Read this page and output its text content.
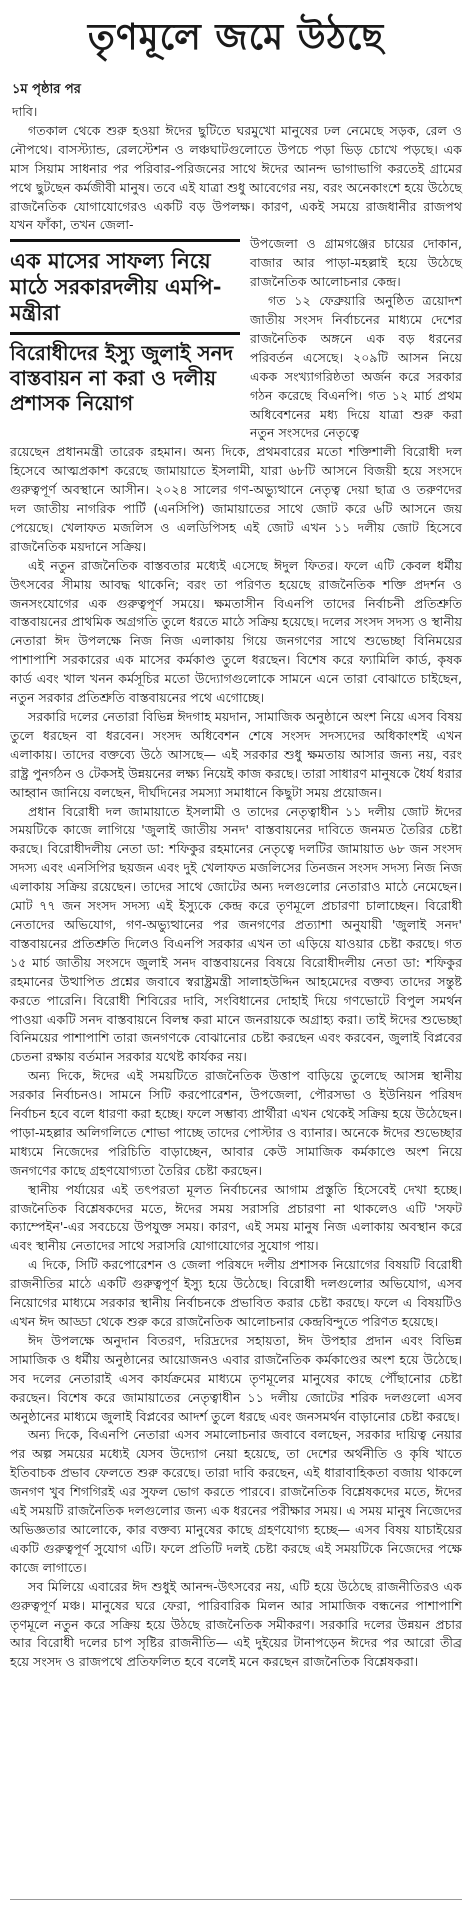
তৃণমূলে জমে উঠছে
১ম পৃষ্ঠার পর
দাবি।

গতকাল থেকে শুরু হওয়া ঈদের ছুটিতে ঘরমুখো মানুষের ঢল নেমেছে সড়ক, রেল ও নৌপথে। বাসস্ট্যান্ড, রেলস্টেশন ও লঞ্চঘাটগুলোতে উপচে পড়া ভিড় চোখে পড়ছে। এক মাস সিয়াম সাধনার পর পরিবার-পরিজনের সাথে ঈদের আনন্দ ভাগাভাগি করতেই গ্রামের পথে ছুটছেন কর্মজীবী মানুষ। তবে এই যাত্রা শুধু আবেগের নয়, বরং অনেকাংশে হয়ে উঠেছে রাজনৈতিক যোগাযোগেরও একটি বড় উপলক্ষ। কারণ, একই সময়ে রাজধানীর রাজপথ যখন ফাঁকা, তখন জেলা-

এক মাসের সাফল্য নিয়ে মাঠে সরকারদলীয় এমপি-মন্ত্রীরা
বিরোধীদের ইস্যু জুলাই সনদ বাস্তবায়ন না করা ও দলীয় প্রশাসক নিয়োগ

উপজেলা ও গ্রামগঞ্জের চায়ের দোকান, বাজার আর পাড়া-মহল্লাই হয়ে উঠেছে রাজনৈতিক আলোচনার কেন্দ্র।

গত ১২ ফেব্রুয়ারি অনুষ্ঠিত ত্রয়োদশ জাতীয় সংসদ নির্বাচনের মাধ্যমে দেশের রাজনৈতিক অঙ্গনে এক বড় ধরনের পরিবর্তন এসেছে। ২০৯টি আসন নিয়ে একক সংখ্যাগরিষ্ঠতা অর্জন করে সরকার গঠন করেছে বিএনপি। গত ১২ মার্চ প্রথম অধিবেশনের মধ্য দিয়ে যাত্রা শুরু করা নতুন সংসদের নেতৃত্বে

রয়েছেন প্রধানমন্ত্রী তারেক রহমান। অন্য দিকে, প্রথমবারের মতো শক্তিশালী বিরোধী দল হিসেবে আত্মপ্রকাশ করেছে জামায়াতে ইসলামী, যারা ৬৮টি আসনে বিজয়ী হয়ে সংসদে গুরুত্বপূর্ণ অবস্থানে আসীন। ২০২৪ সালের গণ-অভ্যুত্থানে নেতৃত্ব দেয়া ছাত্র ও তরুণদের দল জাতীয় নাগরিক পার্টি (এনসিপি) জামায়াতের সাথে জোট করে ৬টি আসনে জয় পেয়েছে। খেলাফত মজলিস ও এলডিপিসহ এই জোট এখন ১১ দলীয় জোট হিসেবে রাজনৈতিক ময়দানে সক্রিয়।

এই নতুন রাজনৈতিক বাস্তবতার মধ্যেই এসেছে ঈদুল ফিতর। ফলে এটি কেবল ধর্মীয় উৎসবের সীমায় আবদ্ধ থাকেনি; বরং তা পরিণত হয়েছে রাজনৈতিক শক্তি প্রদর্শন ও জনসংযোগের এক গুরুত্বপূর্ণ সময়ে। ক্ষমতাসীন বিএনপি তাদের নির্বাচনী প্রতিশ্রুতি বাস্তবায়নের প্রাথমিক অগ্রগতি তুলে ধরতে মাঠে সক্রিয় হয়েছে। দলের সংসদ সদস্য ও স্থানীয় নেতারা ঈদ উপলক্ষে নিজ নিজ এলাকায় গিয়ে জনগণের সাথে শুভেচ্ছা বিনিময়ের পাশাপাশি সরকারের এক মাসের কর্মকাণ্ড তুলে ধরছেন। বিশেষ করে ফ্যামিলি কার্ড, কৃষক কার্ড এবং খাল খনন কর্মসূচির মতো উদ্যোগগুলোকে সামনে এনে তারা বোঝাতে চাইছেন, নতুন সরকার প্রতিশ্রুতি বাস্তবায়নের পথে এগোচ্ছে।

সরকারি দলের নেতারা বিভিন্ন ঈদগাহ ময়দান, সামাজিক অনুষ্ঠানে অংশ নিয়ে এসব বিষয় তুলে ধরছেন বা ধরবেন। সংসদ অধিবেশন শেষে সংসদ সদস্যদের অধিকাংশই এখন এলাকায়। তাদের বক্তব্যে উঠে আসছে— এই সরকার শুধু ক্ষমতায় আসার জন্য নয়, বরং রাষ্ট্র পুনর্গঠন ও টেকসই উন্নয়নের লক্ষ্য নিয়েই কাজ করছে। তারা সাধারণ মানুষকে ধৈর্য ধরার আহ্বান জানিয়ে বলছেন, দীর্ঘদিনের সমস্যা সমাধানে কিছুটা সময় প্রয়োজন।

প্রধান বিরোধী দল জামায়াতে ইসলামী ও তাদের নেতৃত্বাধীন ১১ দলীয় জোট ঈদের সময়টিকে কাজে লাগিয়ে 'জুলাই জাতীয় সনদ' বাস্তবায়নের দাবিতে জনমত তৈরির চেষ্টা করছে। বিরোধীদলীয় নেতা ডা: শফিকুর রহমানের নেতৃত্বে দলটির জামায়াত ৬৮ জন সংসদ সদস্য এবং এনসিপির ছয়জন এবং দুই খেলাফত মজলিসের তিনজন সংসদ সদস্য নিজ নিজ এলাকায় সক্রিয় রয়েছেন। তাদের সাথে জোটের অন্য দলগুলোর নেতারাও মাঠে নেমেছেন। মোট ৭৭ জন সংসদ সদস্য এই ইস্যুকে কেন্দ্র করে তৃণমূলে প্রচারণা চালাচ্ছেন। বিরোধী নেতাদের অভিযোগ, গণ-অভ্যুত্থানের পর জনগণের প্রত্যাশা অনুযায়ী 'জুলাই সনদ' বাস্তবায়নের প্রতিশ্রুতি দিলেও বিএনপি সরকার এখন তা এড়িয়ে যাওয়ার চেষ্টা করছে। গত ১৫ মার্চ জাতীয় সংসদে জুলাই সনদ বাস্তবায়নের বিষয়ে বিরোধীদলীয় নেতা ডা: শফিকুর রহমানের উত্থাপিত প্রশ্নের জবাবে স্বরাষ্ট্রমন্ত্রী সালাহউদ্দিন আহমেদের বক্তব্য তাদের সন্তুষ্ট করতে পারেনি। বিরোধী শিবিরের দাবি, সংবিধানের দোহাই দিয়ে গণভোটে বিপুল সমর্থন পাওয়া একটি সনদ বাস্তবায়নে বিলম্ব করা মানে জনরায়কে অগ্রাহ্য করা। তাই ঈদের শুভেচ্ছা বিনিময়ের পাশাপাশি তারা জনগণকে বোঝানোর চেষ্টা করছেন এবং করবেন, জুলাই বিপ্লবের চেতনা রক্ষায় বর্তমান সরকার যথেষ্ট কার্যকর নয়।

অন্য দিকে, ঈদের এই সময়টিতে রাজনৈতিক উত্তাপ বাড়িয়ে তুলেছে আসন্ন স্থানীয় সরকার নির্বাচনও। সামনে সিটি করপোরেশন, উপজেলা, পৌরসভা ও ইউনিয়ন পরিষদ নির্বাচন হবে বলে ধারণা করা হচ্ছে। ফলে সম্ভাব্য প্রার্থীরা এখন থেকেই সক্রিয় হয়ে উঠেছেন। পাড়া-মহল্লার অলিগলিতে শোভা পাচ্ছে তাদের পোস্টার ও ব্যানার। অনেকে ঈদের শুভেচ্ছার মাধ্যমে নিজেদের পরিচিতি বাড়াচ্ছেন, আবার কেউ সামাজিক কর্মকাণ্ডে অংশ নিয়ে জনগণের কাছে গ্রহণযোগ্যতা তৈরির চেষ্টা করছেন।

স্থানীয় পর্যায়ের এই তৎপরতা মূলত নির্বাচনের আগাম প্রস্তুতি হিসেবেই দেখা হচ্ছে। রাজনৈতিক বিশ্লেষকদের মতে, ঈদের সময় সরাসরি প্রচারণা না থাকলেও এটি 'সফট ক্যাম্পেইন'-এর সবচেয়ে উপযুক্ত সময়। কারণ, এই সময় মানুষ নিজ এলাকায় অবস্থান করে এবং স্থানীয় নেতাদের সাথে সরাসরি যোগাযোগের সুযোগ পায়।

এ দিকে, সিটি করপোরেশন ও জেলা পরিষদে দলীয় প্রশাসক নিয়োগের বিষয়টি বিরোধী রাজনীতির মাঠে একটি গুরুত্বপূর্ণ ইস্যু হয়ে উঠেছে। বিরোধী দলগুলোর অভিযোগ, এসব নিয়োগের মাধ্যমে সরকার স্থানীয় নির্বাচনকে প্রভাবিত করার চেষ্টা করছে। ফলে এ বিষয়টিও এখন ঈদ আড্ডা থেকে শুরু করে রাজনৈতিক আলোচনার কেন্দ্রবিন্দুতে পরিণত হয়েছে।

ঈদ উপলক্ষে অনুদান বিতরণ, দরিদ্রদের সহায়তা, ঈদ উপহার প্রদান এবং বিভিন্ন সামাজিক ও ধর্মীয় অনুষ্ঠানের আয়োজনও এবার রাজনৈতিক কর্মকাণ্ডের অংশ হয়ে উঠেছে। সব দলের নেতারাই এসব কার্যক্রমের মাধ্যমে তৃণমূলের মানুষের কাছে পৌঁছানোর চেষ্টা করছেন। বিশেষ করে জামায়াতের নেতৃত্বাধীন ১১ দলীয় জোটের শরিক দলগুলো এসব অনুষ্ঠানের মাধ্যমে জুলাই বিপ্লবের আদর্শ তুলে ধরছে এবং জনসমর্থন বাড়ানোর চেষ্টা করছে।

অন্য দিকে, বিএনপি নেতারা এসব সমালোচনার জবাবে বলছেন, সরকার দায়িত্ব নেয়ার পর অল্প সময়ের মধ্যেই যেসব উদ্যোগ নেয়া হয়েছে, তা দেশের অর্থনীতি ও কৃষি খাতে ইতিবাচক প্রভাব ফেলতে শুরু করেছে। তারা দাবি করছেন, এই ধারাবাহিকতা বজায় থাকলে জনগণ খুব শিগগিরই এর সুফল ভোগ করতে পারবে। রাজনৈতিক বিশ্লেষকদের মতে, ঈদের এই সময়টি রাজনৈতিক দলগুলোর জন্য এক ধরনের পরীক্ষার সময়। এ সময় মানুষ নিজেদের অভিজ্ঞতার আলোকে, কার বক্তব্য মানুষের কাছে গ্রহণযোগ্য হচ্ছে— এসব বিষয় যাচাইয়ের একটি গুরুত্বপূর্ণ সুযোগ এটি। ফলে প্রতিটি দলই চেষ্টা করছে এই সময়টিকে নিজেদের পক্ষে কাজে লাগাতে।

সব মিলিয়ে এবারের ঈদ শুধুই আনন্দ-উৎসবের নয়, এটি হয়ে উঠেছে রাজনীতিরও এক গুরুত্বপূর্ণ মঞ্চ। মানুষের ঘরে ফেরা, পারিবারিক মিলন আর সামাজিক বন্ধনের পাশাপাশি তৃণমূলে নতুন করে সক্রিয় হয়ে উঠছে রাজনৈতিক সমীকরণ। সরকারি দলের উন্নয়ন প্রচার আর বিরোধী দলের চাপ সৃষ্টির রাজনীতি— এই দুইয়ের টানাপড়েন ঈদের পর আরো তীব্র হয়ে সংসদ ও রাজপথে প্রতিফলিত হবে বলেই মনে করছেন রাজনৈতিক বিশ্লেষকরা।
